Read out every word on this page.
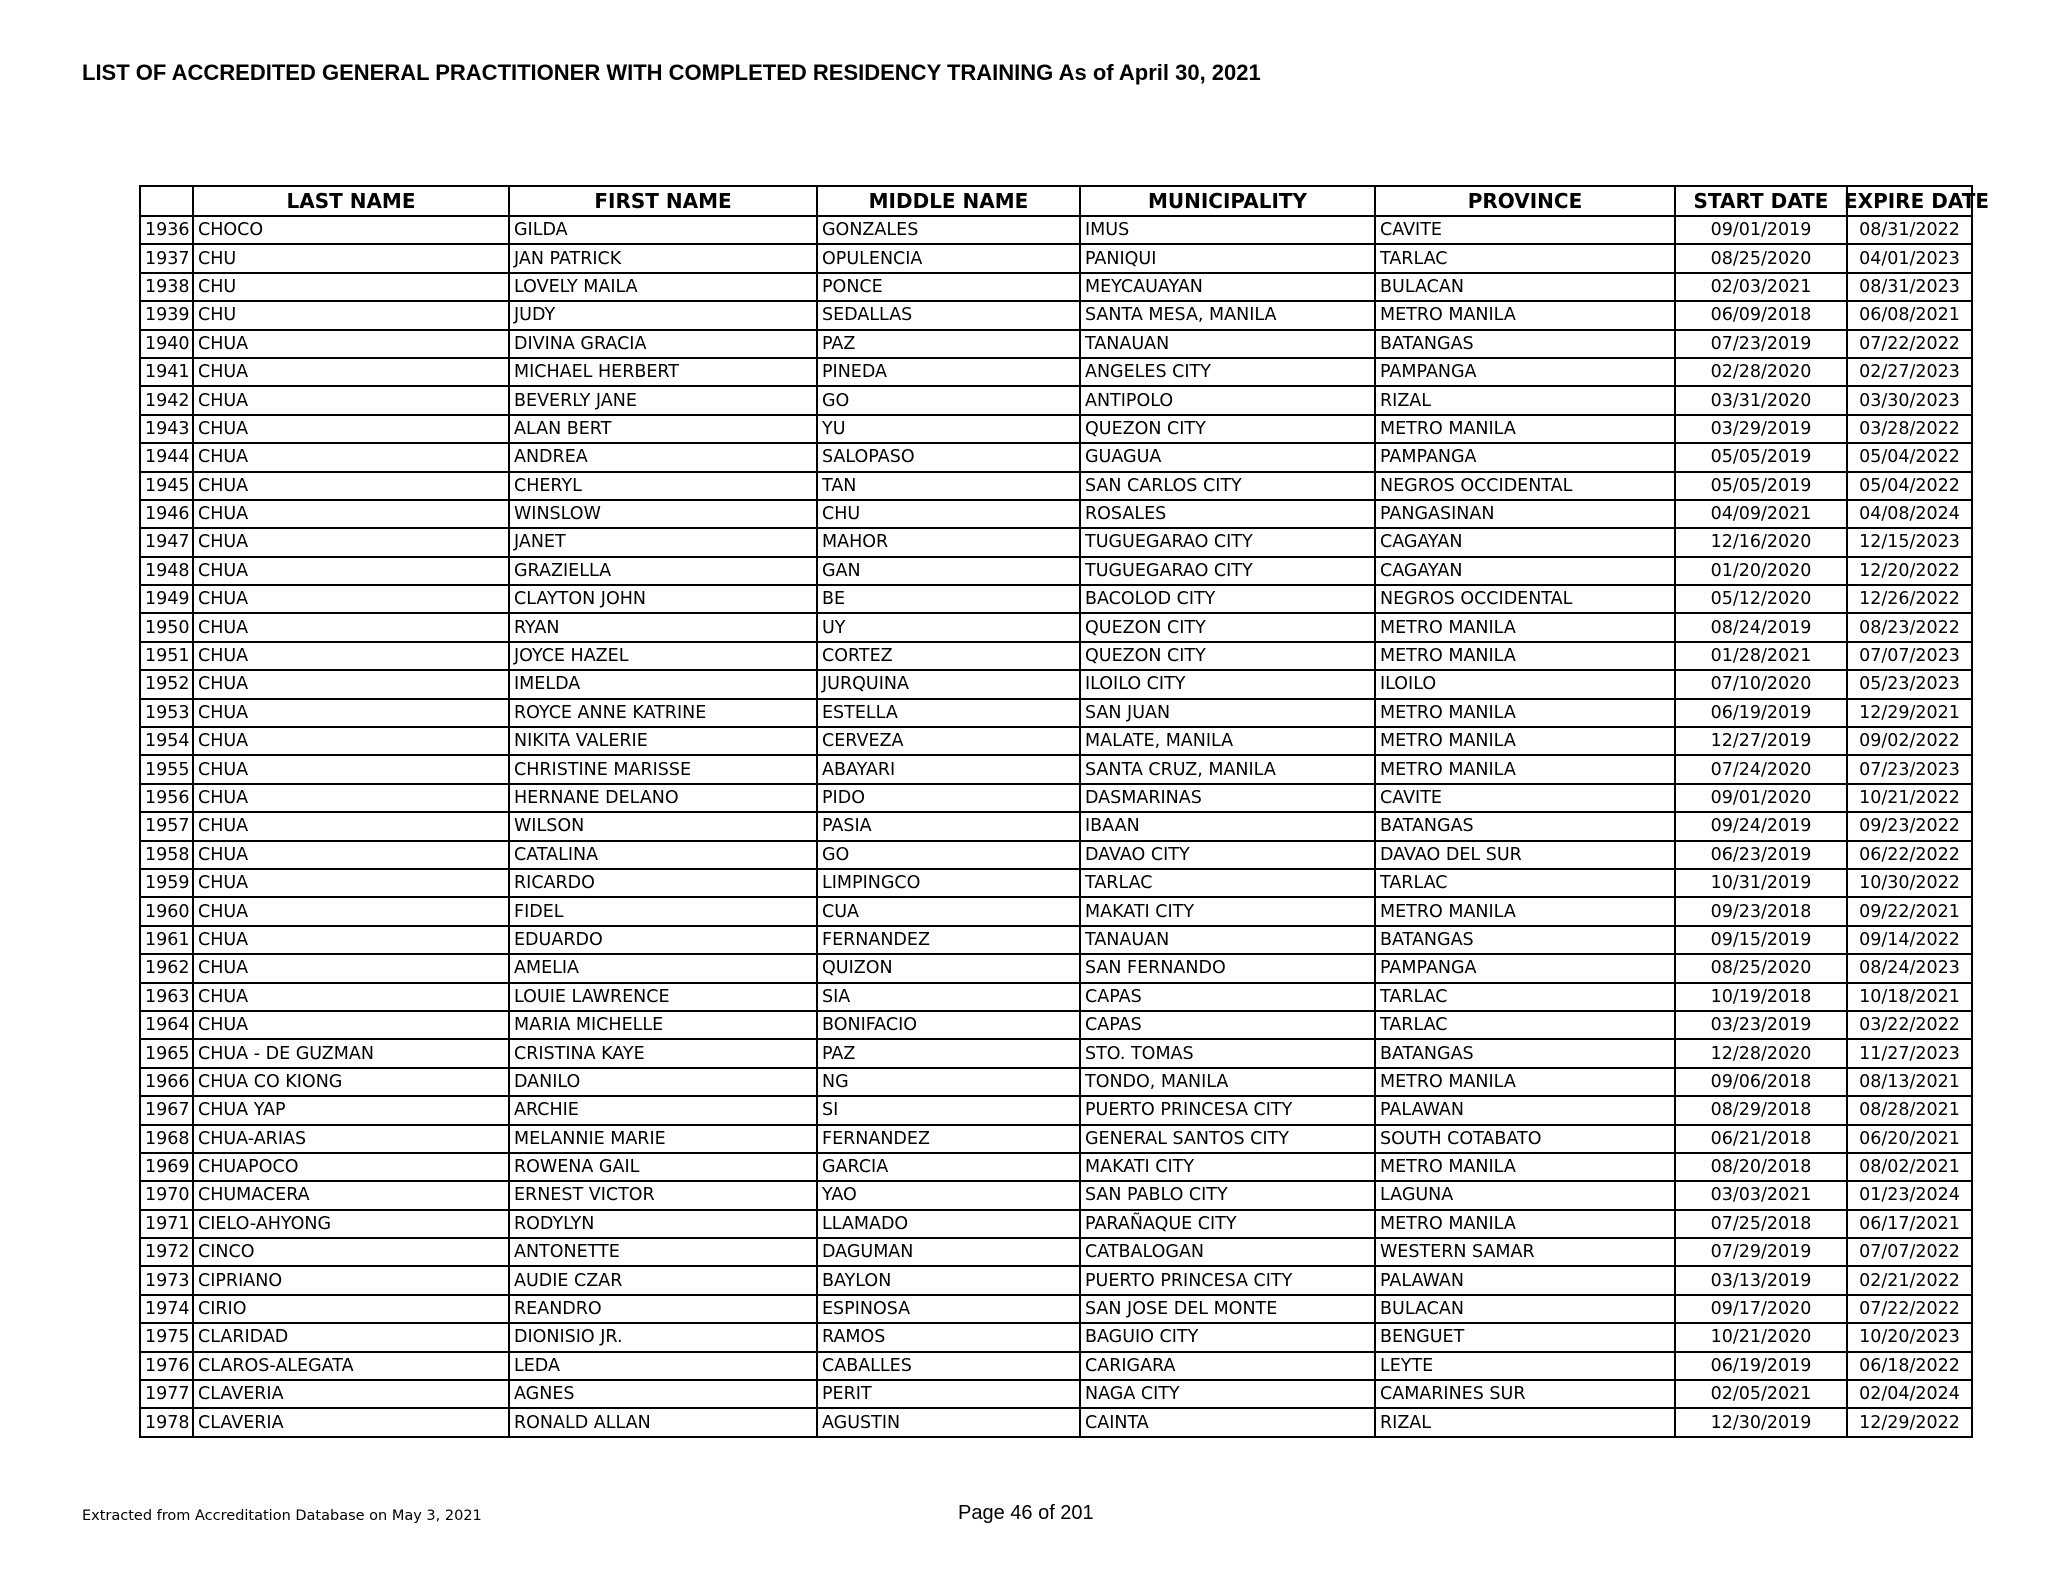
LIST OF ACCREDITED GENERAL PRACTITIONER WITH COMPLETED RESIDENCY TRAINING As of April 30, 2021
	LAST NAME	FIRST NAME	MIDDLE NAME	MUNICIPALITY	PROVINCE	START DATE	EXPIRE DATE
1936	CHOCO	GILDA	GONZALES	IMUS	CAVITE	09/01/2019	08/31/2022
1937	CHU	JAN PATRICK	OPULENCIA	PANIQUI	TARLAC	08/25/2020	04/01/2023
1938	CHU	LOVELY MAILA	PONCE	MEYCAUAYAN	BULACAN	02/03/2021	08/31/2023
1939	CHU	JUDY	SEDALLAS	SANTA MESA, MANILA	METRO MANILA	06/09/2018	06/08/2021
1940	CHUA	DIVINA GRACIA	PAZ	TANAUAN	BATANGAS	07/23/2019	07/22/2022
1941	CHUA	MICHAEL HERBERT	PINEDA	ANGELES CITY	PAMPANGA	02/28/2020	02/27/2023
1942	CHUA	BEVERLY JANE	GO	ANTIPOLO	RIZAL	03/31/2020	03/30/2023
1943	CHUA	ALAN BERT	YU	QUEZON CITY	METRO MANILA	03/29/2019	03/28/2022
1944	CHUA	ANDREA	SALOPASO	GUAGUA	PAMPANGA	05/05/2019	05/04/2022
1945	CHUA	CHERYL	TAN	SAN CARLOS CITY	NEGROS OCCIDENTAL	05/05/2019	05/04/2022
1946	CHUA	WINSLOW	CHU	ROSALES	PANGASINAN	04/09/2021	04/08/2024
1947	CHUA	JANET	MAHOR	TUGUEGARAO CITY	CAGAYAN	12/16/2020	12/15/2023
1948	CHUA	GRAZIELLA	GAN	TUGUEGARAO CITY	CAGAYAN	01/20/2020	12/20/2022
1949	CHUA	CLAYTON JOHN	BE	BACOLOD CITY	NEGROS OCCIDENTAL	05/12/2020	12/26/2022
1950	CHUA	RYAN	UY	QUEZON CITY	METRO MANILA	08/24/2019	08/23/2022
1951	CHUA	JOYCE HAZEL	CORTEZ	QUEZON CITY	METRO MANILA	01/28/2021	07/07/2023
1952	CHUA	IMELDA	JURQUINA	ILOILO CITY	ILOILO	07/10/2020	05/23/2023
1953	CHUA	ROYCE ANNE KATRINE	ESTELLA	SAN JUAN	METRO MANILA	06/19/2019	12/29/2021
1954	CHUA	NIKITA VALERIE	CERVEZA	MALATE, MANILA	METRO MANILA	12/27/2019	09/02/2022
1955	CHUA	CHRISTINE MARISSE	ABAYARI	SANTA CRUZ, MANILA	METRO MANILA	07/24/2020	07/23/2023
1956	CHUA	HERNANE DELANO	PIDO	DASMARINAS	CAVITE	09/01/2020	10/21/2022
1957	CHUA	WILSON	PASIA	IBAAN	BATANGAS	09/24/2019	09/23/2022
1958	CHUA	CATALINA	GO	DAVAO CITY	DAVAO DEL SUR	06/23/2019	06/22/2022
1959	CHUA	RICARDO	LIMPINGCO	TARLAC	TARLAC	10/31/2019	10/30/2022
1960	CHUA	FIDEL	CUA	MAKATI CITY	METRO MANILA	09/23/2018	09/22/2021
1961	CHUA	EDUARDO	FERNANDEZ	TANAUAN	BATANGAS	09/15/2019	09/14/2022
1962	CHUA	AMELIA	QUIZON	SAN FERNANDO	PAMPANGA	08/25/2020	08/24/2023
1963	CHUA	LOUIE LAWRENCE	SIA	CAPAS	TARLAC	10/19/2018	10/18/2021
1964	CHUA	MARIA MICHELLE	BONIFACIO	CAPAS	TARLAC	03/23/2019	03/22/2022
1965	CHUA - DE GUZMAN	CRISTINA KAYE	PAZ	STO. TOMAS	BATANGAS	12/28/2020	11/27/2023
1966	CHUA CO KIONG	DANILO	NG	TONDO, MANILA	METRO MANILA	09/06/2018	08/13/2021
1967	CHUA YAP	ARCHIE	SI	PUERTO PRINCESA CITY	PALAWAN	08/29/2018	08/28/2021
1968	CHUA-ARIAS	MELANNIE MARIE	FERNANDEZ	GENERAL SANTOS CITY	SOUTH COTABATO	06/21/2018	06/20/2021
1969	CHUAPOCO	ROWENA GAIL	GARCIA	MAKATI CITY	METRO MANILA	08/20/2018	08/02/2021
1970	CHUMACERA	ERNEST VICTOR	YAO	SAN PABLO CITY	LAGUNA	03/03/2021	01/23/2024
1971	CIELO-AHYONG	RODYLYN	LLAMADO	PARAÑAQUE CITY	METRO MANILA	07/25/2018	06/17/2021
1972	CINCO	ANTONETTE	DAGUMAN	CATBALOGAN	WESTERN SAMAR	07/29/2019	07/07/2022
1973	CIPRIANO	AUDIE CZAR	BAYLON	PUERTO PRINCESA CITY	PALAWAN	03/13/2019	02/21/2022
1974	CIRIO	REANDRO	ESPINOSA	SAN JOSE DEL MONTE	BULACAN	09/17/2020	07/22/2022
1975	CLARIDAD	DIONISIO JR.	RAMOS	BAGUIO CITY	BENGUET	10/21/2020	10/20/2023
1976	CLAROS-ALEGATA	LEDA	CABALLES	CARIGARA	LEYTE	06/19/2019	06/18/2022
1977	CLAVERIA	AGNES	PERIT	NAGA CITY	CAMARINES SUR	02/05/2021	02/04/2024
1978	CLAVERIA	RONALD ALLAN	AGUSTIN	CAINTA	RIZAL	12/30/2019	12/29/2022
Extracted from Accreditation Database on May 3, 2021	Page 46 of 201
